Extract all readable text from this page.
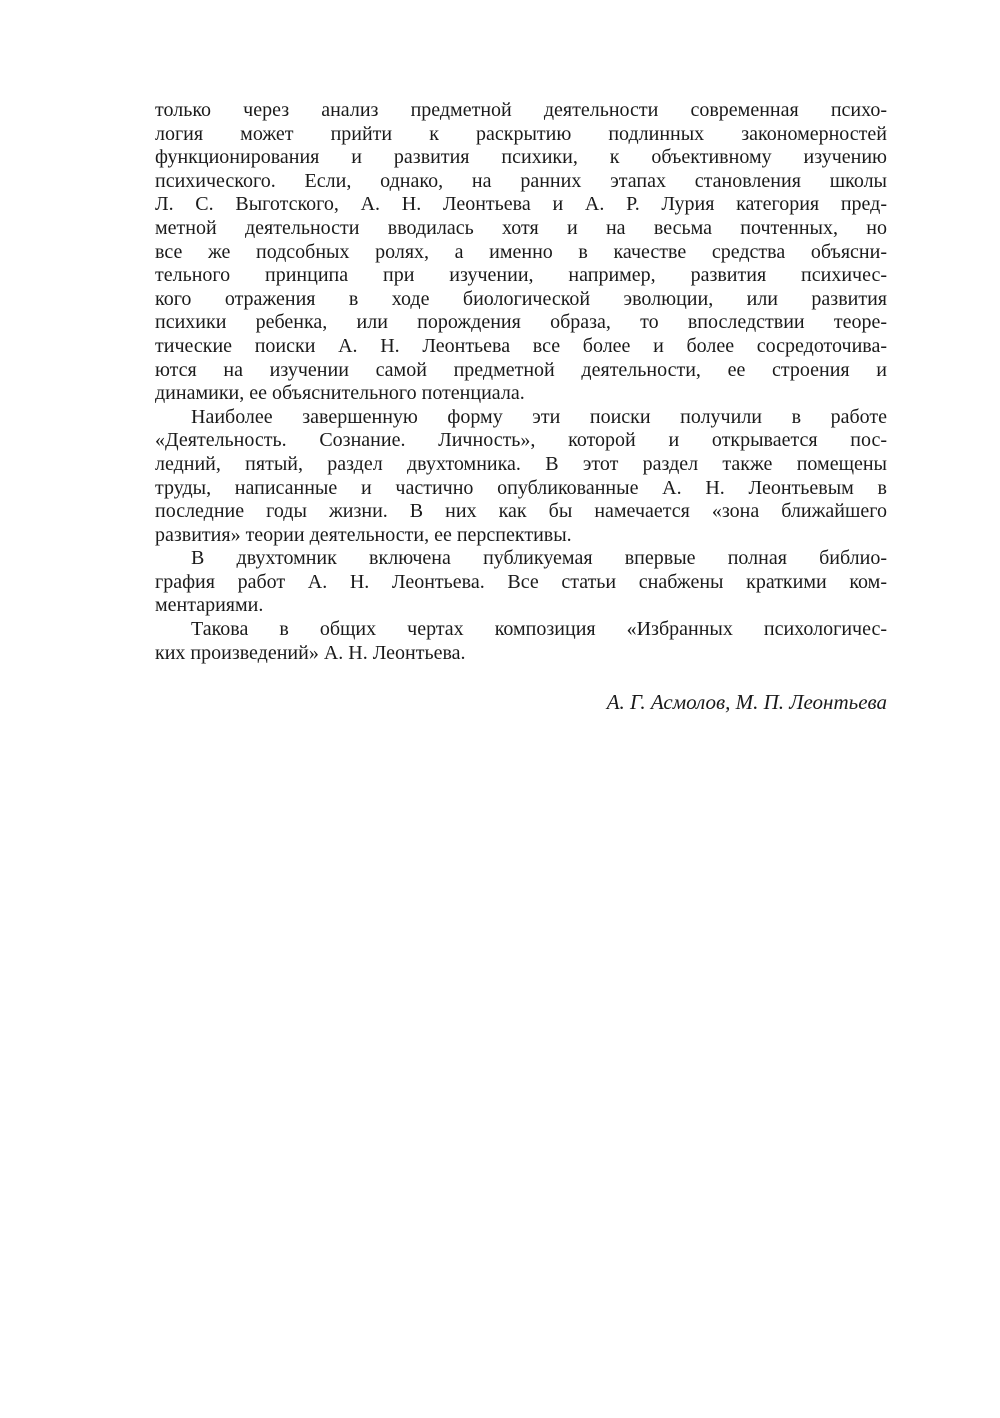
только через анализ предметной деятельности современная психо-
логия может прийти к раскрытию подлинных закономерностей
функционирования и развития психики, к объективному изучению
психического. Если, однако, на ранних этапах становления школы
Л. С. Выготского, А. Н. Леонтьева и А. Р. Лурия категория пред-
метной деятельности вводилась хотя и на весьма почтенных, но
все же подсобных ролях, а именно в качестве средства объясни-
тельного принципа при изучении, например, развития психичес-
кого отражения в ходе биологической эволюции, или развития
психики ребенка, или порождения образа, то впоследствии теоре-
тические поиски А. Н. Леонтьева все более и более сосредоточива-
ются на изучении самой предметной деятельности, ее строения и
динамики, ее объяснительного потенциала.
Наиболее завершенную форму эти поиски получили в работе
«Деятельность. Сознание. Личность», которой и открывается пос-
ледний, пятый, раздел двухтомника. В этот раздел также помещены
труды, написанные и частично опубликованные А. Н. Леонтьевым в
последние годы жизни. В них как бы намечается «зона ближайшего
развития» теории деятельности, ее перспективы.
В двухтомник включена публикуемая впервые полная библио-
графия работ А. Н. Леонтьева. Все статьи снабжены краткими ком-
ментариями.
Такова в общих чертах композиция «Избранных психологичес-
ких произведений» А. Н. Леонтьева.
А. Г. Асмолов, М. П. Леонтьева
